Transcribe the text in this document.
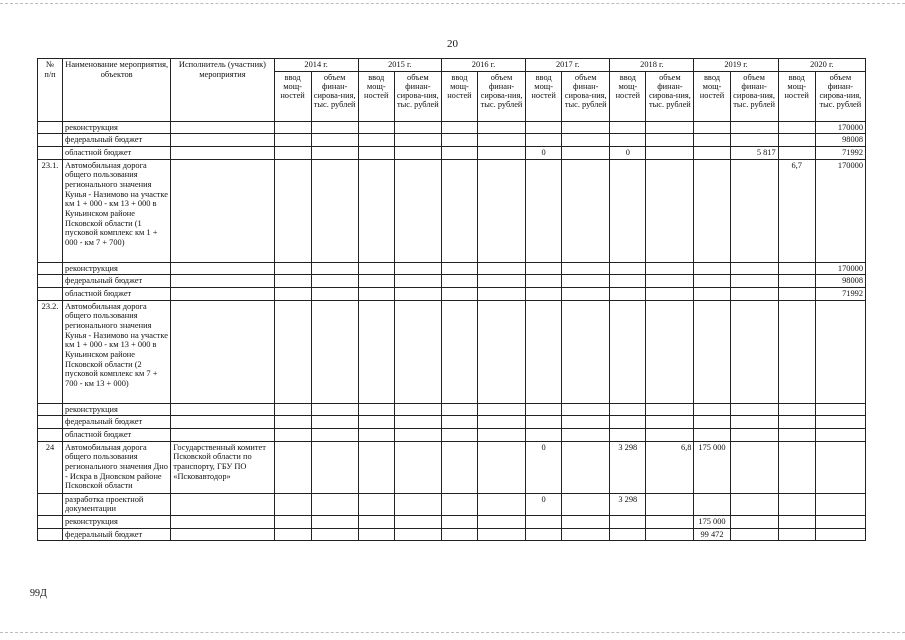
20
№
п/п	Наименование мероприятия, объектов	Исполнитель (участник) мероприятия	2014 г.		2015 г.		2016 г.		2017 г.		2018 г.		2019 г.		2020 г.	
			ввод мощ-ностей	объем финан-сирова-ния, тыс. рублей	ввод мощ-ностей	объем финан-сирова-ния, тыс. рублей	ввод мощ-ностей	объем финан-сирова-ния, тыс. рублей	ввод мощ-ностей	объем финан-сирова-ния, тыс. рублей	ввод мощ-ностей	объем финан-сирова-ния, тыс. рублей	ввод мощ-ностей	объем финан-сирова-ния, тыс. рублей	ввод мощ-ностей	объем финан-сирова-ния, тыс. рублей
	реконструкция															170000
	федеральный бюджет															98008
	областной бюджет								0		0			5 817		71992
23.1.	Автомобильная дорога общего пользования регионального значения Кунья - Назимово на участке км 1 + 000 - км 13 + 000 в Куньинском районе Псковской области (1 пусковой комплекс км 1 + 000 - км 7 + 700)														6,7	170000
	реконструкция															170000
	федеральный бюджет															98008
	областной бюджет															71992
23.2.	Автомобильная дорога общего пользования регионального значения Кунья - Назимово на участке км 1 + 000 - км 13 + 000 в Куньинском районе Псковской области (2 пусковой комплекс км 7 + 700 - км 13 + 000)															
	реконструкция															
	федеральный бюджет															
	областной бюджет															
24	Автомобильная дорога общего пользования регионального значения Дно - Искра в Дновском районе Псковской области	Государственный комитет Псковской области по транспорту, ГБУ ПО «Псковавтодор»							0		3 298	6,8	175 000			
	разработка проектной документации								0		3 298					
	реконструкция												175 000			
	федеральный бюджет												99 472			
99Д
